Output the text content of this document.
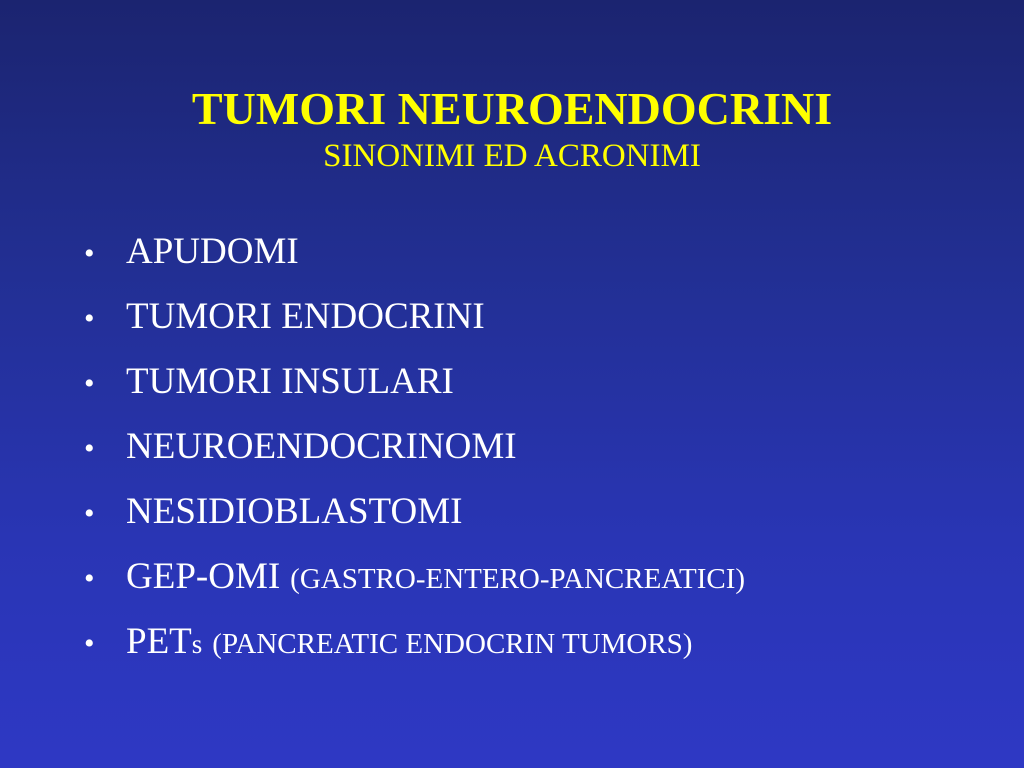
TUMORI NEUROENDOCRINI

SINONIMI ED ACRONIMI

• APUDOMI
• TUMORI ENDOCRINI
• TUMORI INSULARI
• NEUROENDOCRINOMI
• NESIDIOBLASTOMI
• GEP-OMI (GASTRO-ENTERO-PANCREATICI)
• PET s (PANCREATIC ENDOCRIN TUMORS)
